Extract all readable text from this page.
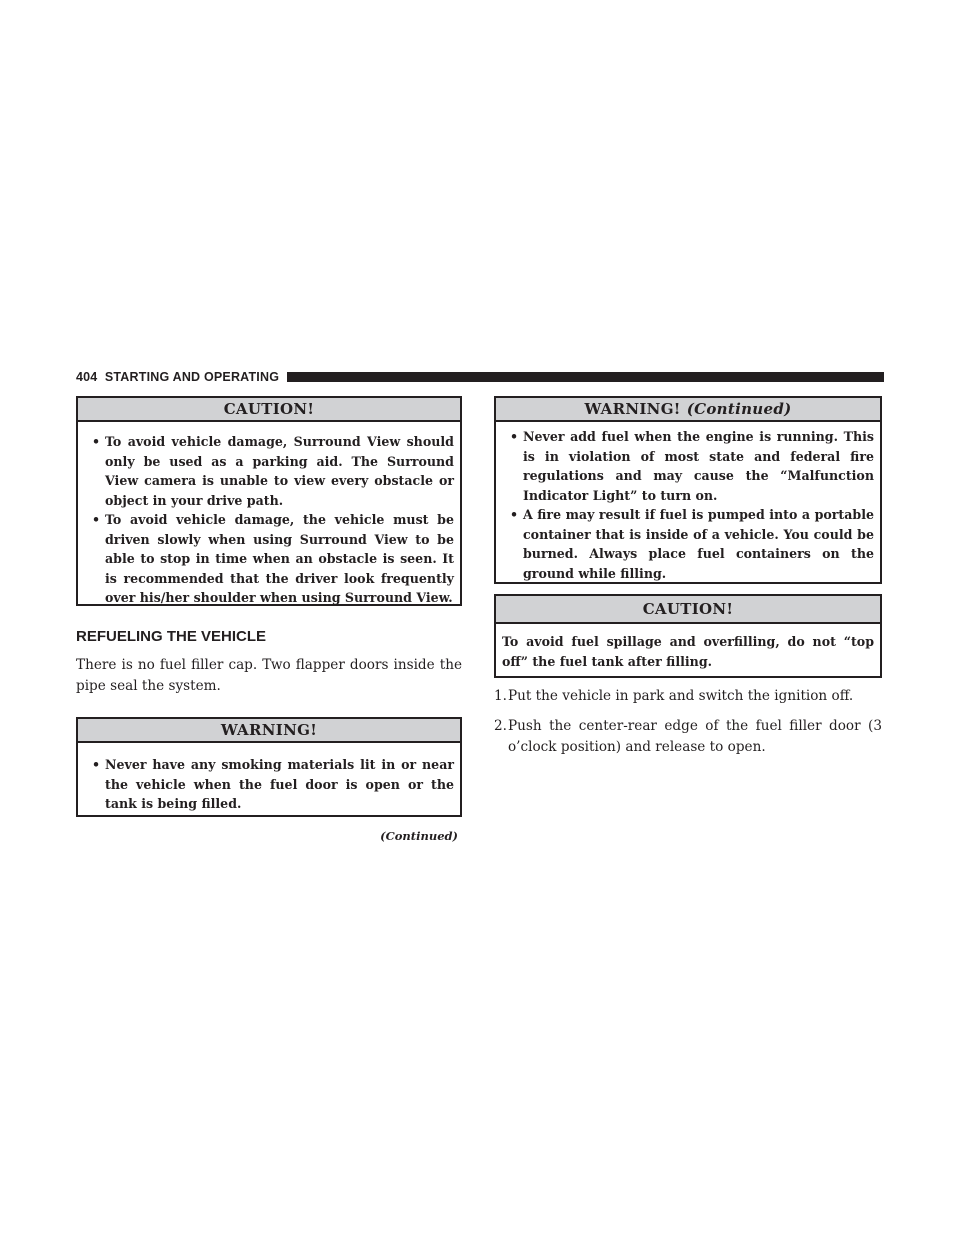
404 STARTING AND OPERATING
CAUTION!
• To avoid vehicle damage, Surround View should only be used as a parking aid. The Surround View camera is unable to view every obstacle or object in your drive path.
• To avoid vehicle damage, the vehicle must be driven slowly when using Surround View to be able to stop in time when an obstacle is seen. It is recommended that the driver look frequently over his/her shoulder when using Surround View.
REFUELING THE VEHICLE

There is no fuel filler cap. Two flapper doors inside the pipe seal the system.

WARNING!
• Never have any smoking materials lit in or near the vehicle when the fuel door is open or the tank is being filled.
(Continued)
WARNING! (Continued)
• Never add fuel when the engine is running. This is in violation of most state and federal fire regulations and may cause the “Malfunction Indicator Light” to turn on.
• A fire may result if fuel is pumped into a portable container that is inside of a vehicle. You could be burned. Always place fuel containers on the ground while filling.
CAUTION!
To avoid fuel spillage and overfilling, do not “top off” the fuel tank after filling.
1. Put the vehicle in park and switch the ignition off.
2. Push the center-rear edge of the fuel filler door (3 o’clock position) and release to open.
